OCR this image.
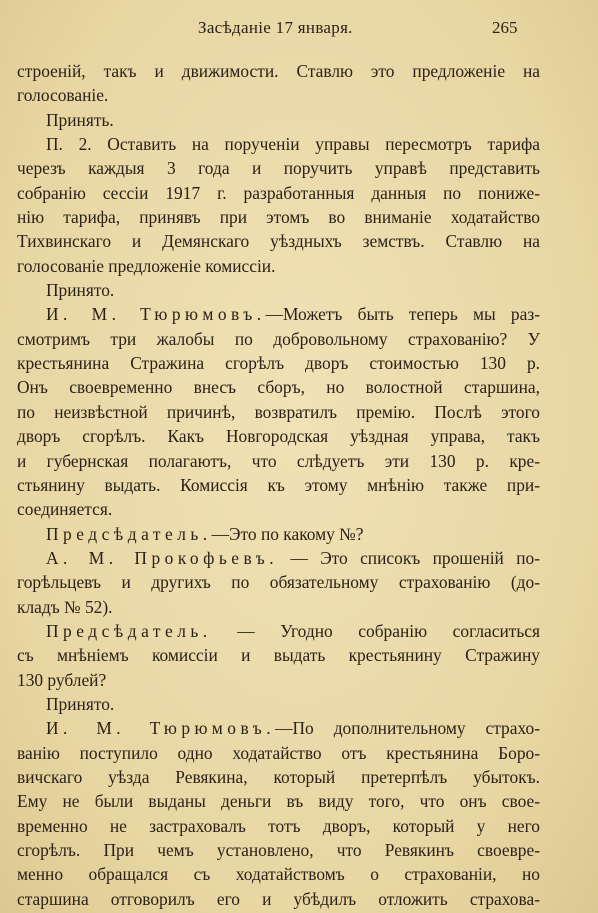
Засѣданіе 17 января.	265
строеній, такъ и движимости. Ставлю это предложеніе на
голосованіе.
Принять.
П. 2. Оставить на порученіи управы пересмотръ тарифа
черезъ каждыя 3 года и поручить управѣ представить
собранію сессіи 1917 г. разработанныя данныя по пониже-
нію тарифа, принявъ при этомъ во вниманіе ходатайство
Тихвинскаго и Демянскаго уѣздныхъ земствъ. Ставлю на
голосованіе предложеніе комиссіи.
Принято.
И. М. Тюрюмовъ.—Можетъ быть теперь мы раз-
смотримъ три жалобы по добровольному страхованію? У
крестьянина Стражина сгорѣлъ дворъ стоимостью 130 р.
Онъ своевременно внесъ сборъ, но волостной старшина,
по неизвѣстной причинѣ, возвратилъ премію. Послѣ этого
дворъ сгорѣлъ. Какъ Новгородская уѣздная управа, такъ
и губернская полагаютъ, что слѣдуетъ эти 130 р. кре-
стьянину выдать. Комиссія къ этому мнѣнію также при-
соединяется.
Предсѣдатель.—Это по какому №?
А. М. Прокофьевъ. — Это списокъ прошеній по-
горѣльцевъ и другихъ по обязательному страхованію (до-
кладъ № 52).
Предсѣдатель. — Угодно собранію согласиться
съ мнѣніемъ комиссіи и выдать крестьянину Стражину
130 рублей?
Принято.
И. М. Тюрюмовъ.—По дополнительному страхо-
ванію поступило одно ходатайство отъ крестьянина Боро-
вичскаго уѣзда Ревякина, который претерпѣлъ убытокъ.
Ему не были выданы деньги въ виду того, что онъ свое-
временно не застраховалъ тотъ дворъ, который у него
сгорѣлъ. При чемъ установлено, что Ревякинъ своевре-
менно обращался съ ходатайствомъ о страхованіи, но
старшина отговорилъ его и убѣдилъ отложить страхова-
